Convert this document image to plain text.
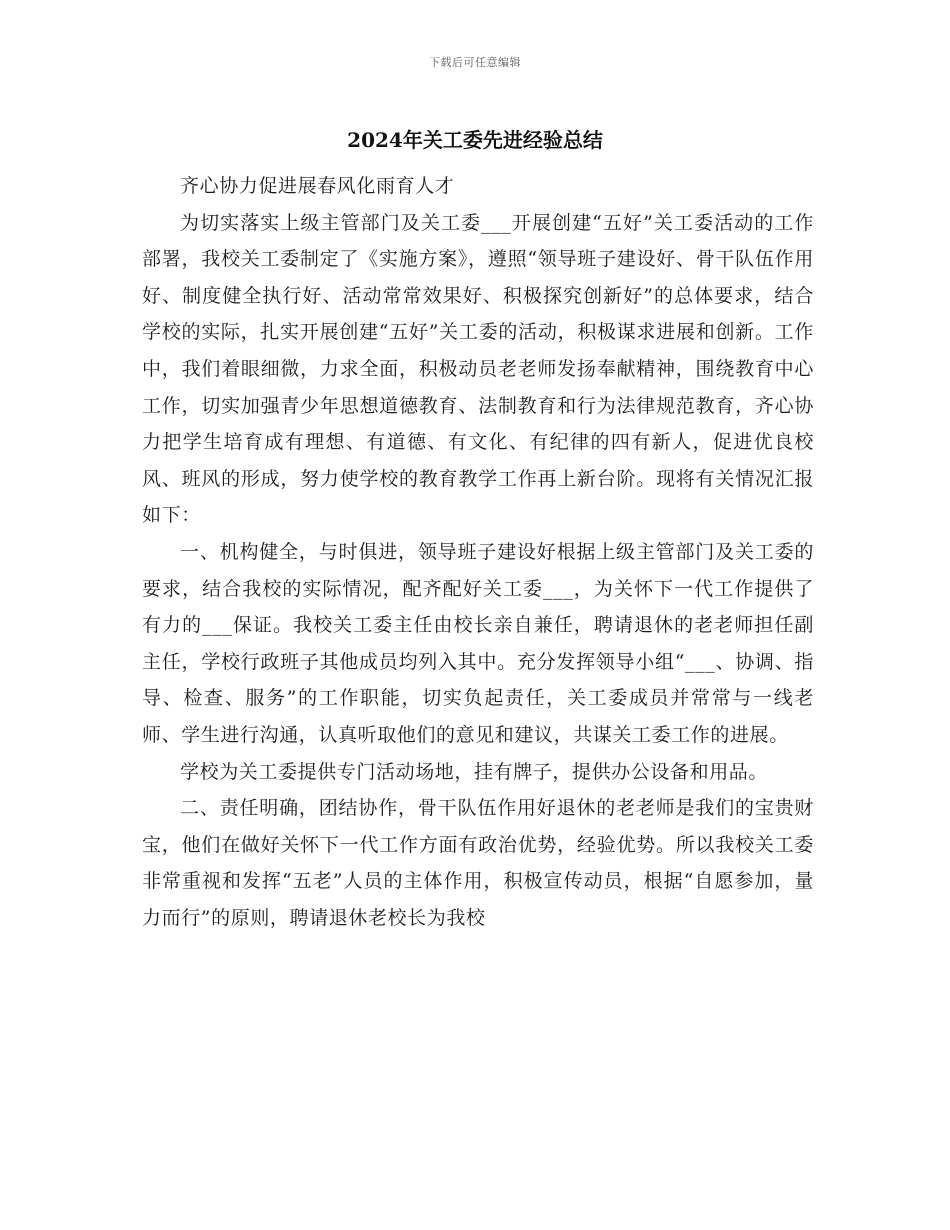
下载后可任意编辑
2024年关工委先进经验总结

齐心协力促进展春风化雨育人才

为切实落实上级主管部门及关工委___开展创建“五好”关工委活动的工作部署，我校关工委制定了《实施方案》，遵照“领导班子建设好、骨干队伍作用好、制度健全执行好、活动常常效果好、积极探究创新好”的总体要求，结合学校的实际，扎实开展创建“五好”关工委的活动，积极谋求进展和创新。工作中，我们着眼细微，力求全面，积极动员老老师发扬奉献精神，围绕教育中心工作，切实加强青少年思想道德教育、法制教育和行为法律规范教育，齐心协力把学生培育成有理想、有道德、有文化、有纪律的四有新人，促进优良校风、班风的形成，努力使学校的教育教学工作再上新台阶。现将有关情况汇报如下：

一、机构健全，与时俱进，领导班子建设好根据上级主管部门及关工委的要求，结合我校的实际情况，配齐配好关工委___，为关怀下一代工作提供了有力的___保证。我校关工委主任由校长亲自兼任，聘请退休的老老师担任副主任，学校行政班子其他成员均列入其中。充分发挥领导小组“___、协调、指导、检查、服务”的工作职能，切实负起责任，关工委成员并常常与一线老师、学生进行沟通，认真听取他们的意见和建议，共谋关工委工作的进展。

学校为关工委提供专门活动场地，挂有牌子，提供办公设备和用品。

二、责任明确，团结协作，骨干队伍作用好退休的老老师是我们的宝贵财宝，他们在做好关怀下一代工作方面有政治优势，经验优势。所以我校关工委非常重视和发挥“五老”人员的主体作用，积极宣传动员，根据“自愿参加，量力而行”的原则，聘请退休老校长为我校
